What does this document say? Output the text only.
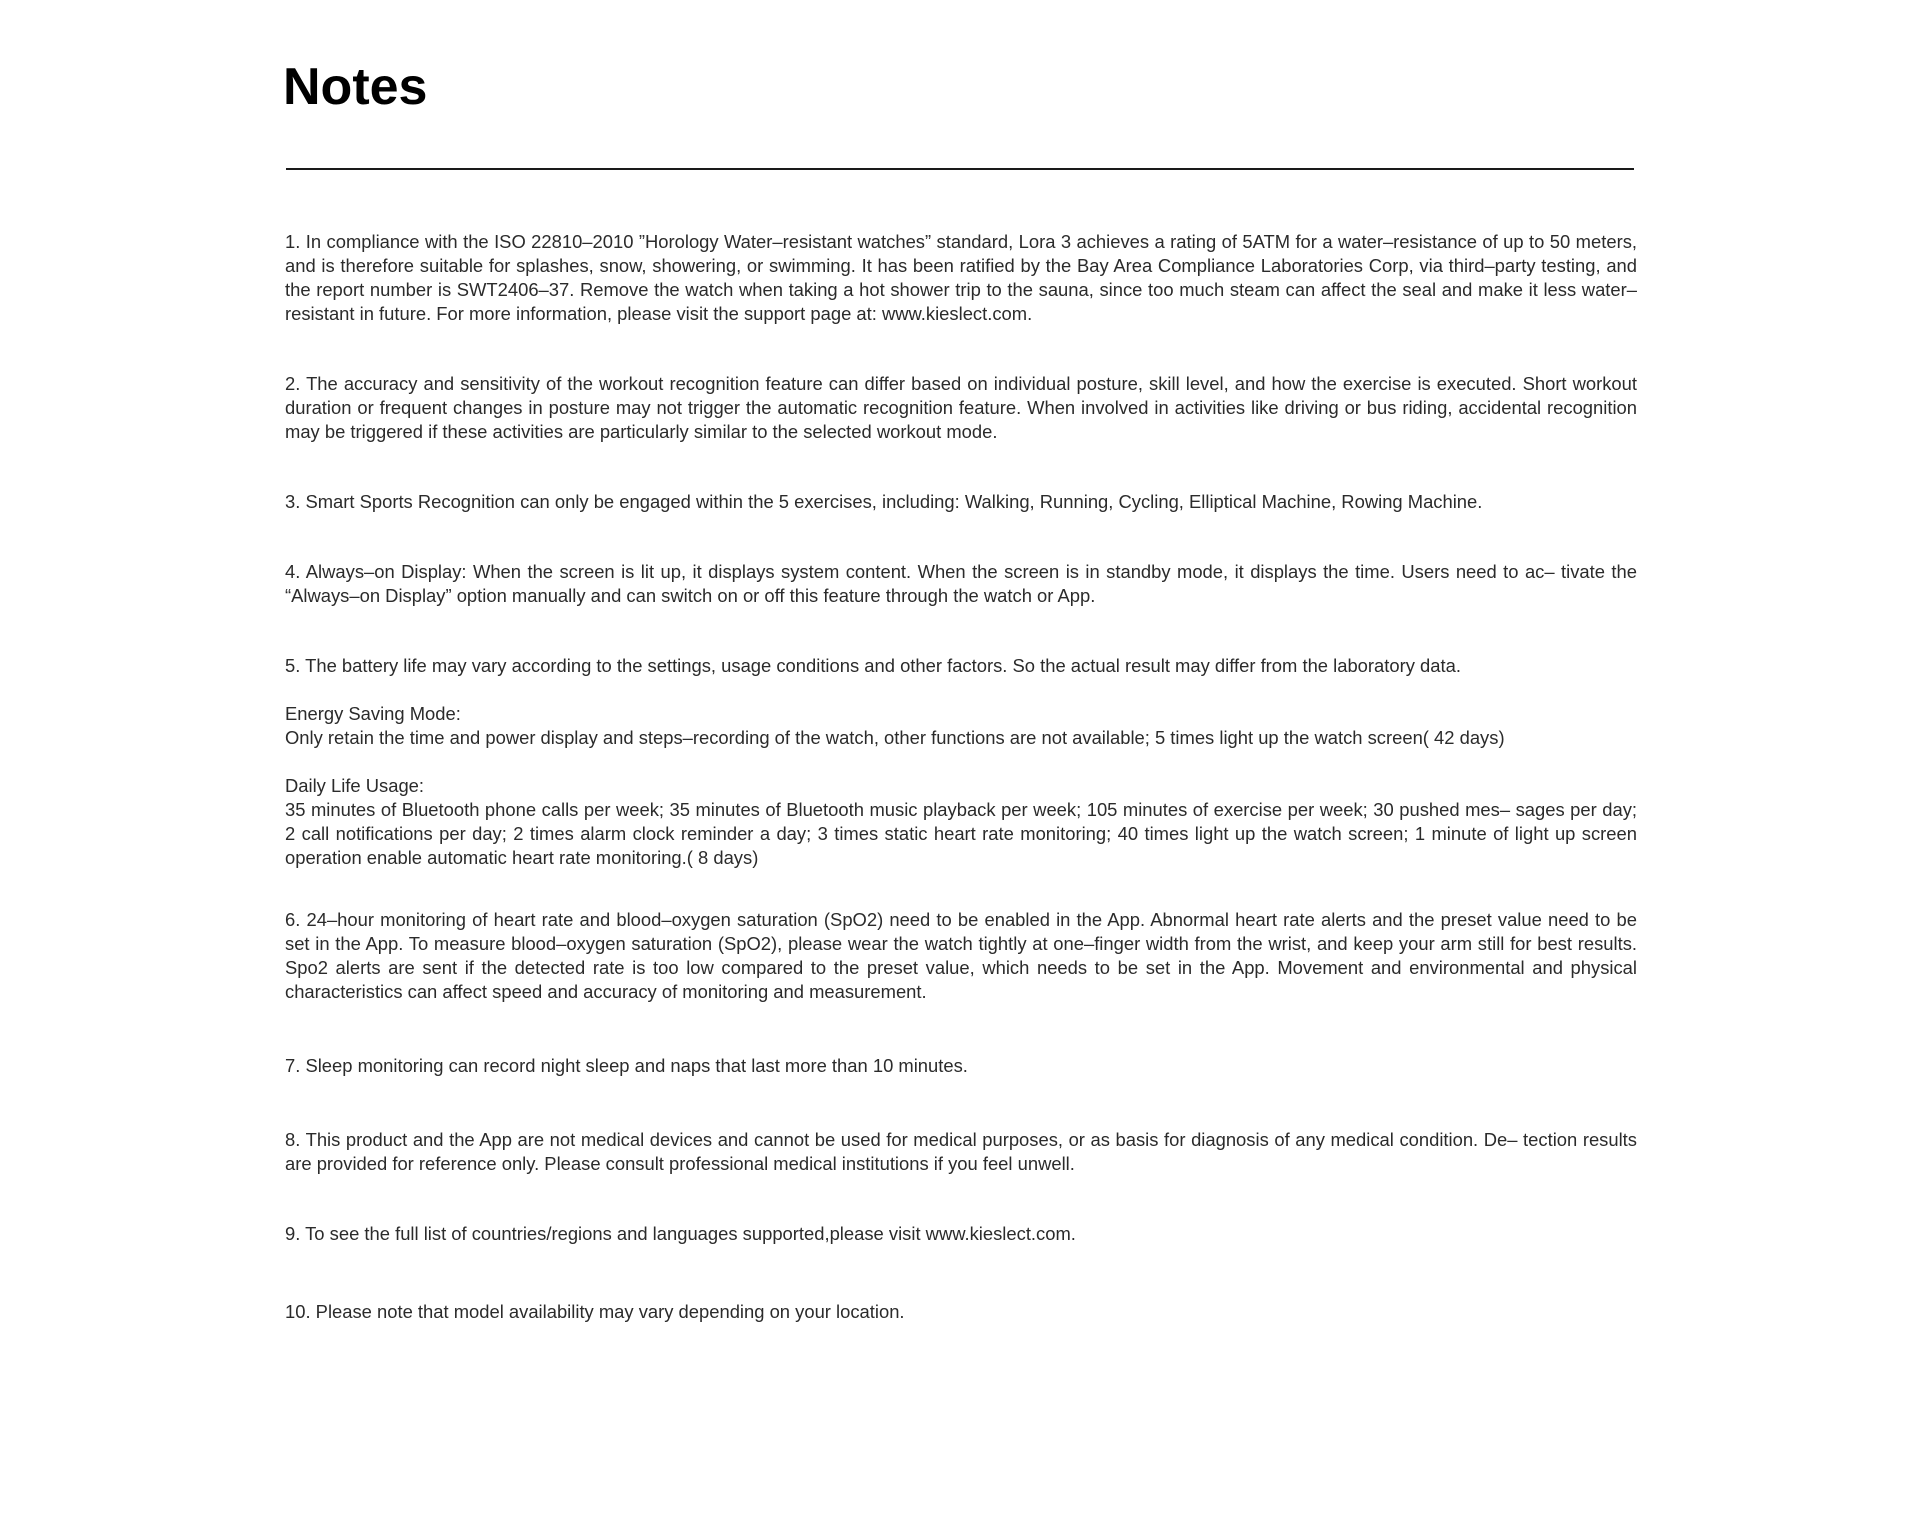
Notes

1. In compliance with the ISO 22810–2010 ”Horology Water–resistant watches” standard, Lora 3 achieves a rating of 5ATM for a water–resistance of up to 50 meters, and is therefore suitable for splashes, snow, showering, or swimming. It has been ratified by the Bay Area Compliance Laboratories Corp, via third–party testing, and the report number is SWT2406–37. Remove the watch when taking a hot shower trip to the sauna, since too much steam can affect the seal and make it less water–resistant in future. For more information, please visit the support page at: www.kieslect.com.

2. The accuracy and sensitivity of the workout recognition feature can differ based on individual posture, skill level, and how the exercise is executed. Short workout duration or frequent changes in posture may not trigger the automatic recognition feature. When involved in activities like driving or bus riding, accidental recognition may be triggered if these activities are particularly similar to the selected workout mode.

3. Smart Sports Recognition can only be engaged within the 5 exercises, including: Walking, Running, Cycling, Elliptical Machine, Rowing Machine.

4. Always–on Display: When the screen is lit up, it displays system content. When the screen is in standby mode, it displays the time. Users need to ac– tivate the “Always–on Display” option manually and can switch on or off this feature through the watch or App.

5. The battery life may vary according to the settings, usage conditions and other factors. So the actual result may differ from the laboratory data.

Energy Saving Mode:

Only retain the time and power display and steps–recording of the watch, other functions are not available; 5 times light up the watch screen( 42 days)

Daily Life Usage:

35 minutes of Bluetooth phone calls per week; 35 minutes of Bluetooth music playback per week; 105 minutes of exercise per week; 30 pushed mes– sages per day; 2 call notifications per day; 2 times alarm clock reminder a day; 3 times static heart rate monitoring; 40 times light up the watch screen; 1 minute of light up screen operation enable automatic heart rate monitoring.( 8 days)

6. 24–hour monitoring of heart rate and blood–oxygen saturation (SpO2) need to be enabled in the App. Abnormal heart rate alerts and the preset value need to be set in the App. To measure blood–oxygen saturation (SpO2), please wear the watch tightly at one–finger width from the wrist, and keep your arm still for best results. Spo2 alerts are sent if the detected rate is too low compared to the preset value, which needs to be set in the App. Movement and environmental and physical characteristics can affect speed and accuracy of monitoring and measurement.

7. Sleep monitoring can record night sleep and naps that last more than 10 minutes.

8. This product and the App are not medical devices and cannot be used for medical purposes, or as basis for diagnosis of any medical condition. De– tection results are provided for reference only. Please consult professional medical institutions if you feel unwell.

9. To see the full list of countries/regions and languages supported,please visit www.kieslect.com.

10. Please note that model availability may vary depending on your location.
